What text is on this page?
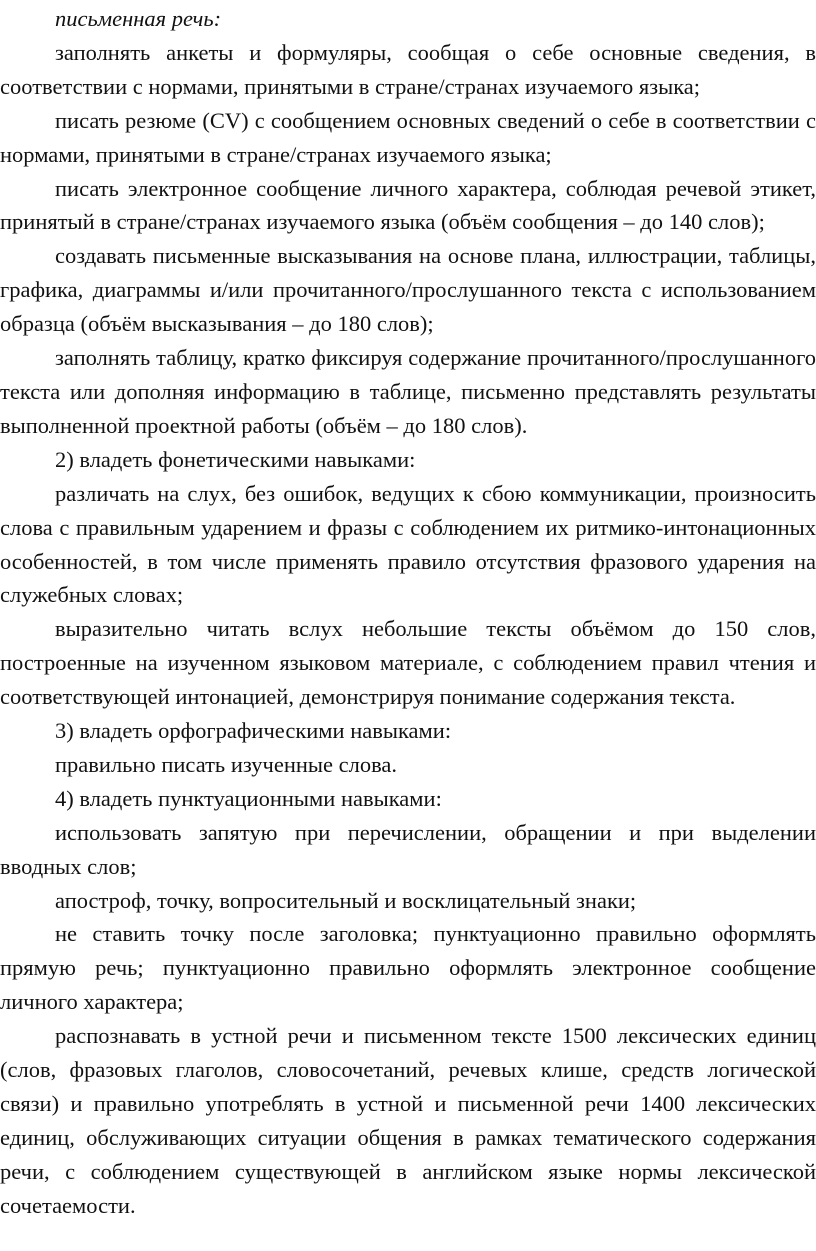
письменная речь:

заполнять анкеты и формуляры, сообщая о себе основные сведения, в соответствии с нормами, принятыми в стране/странах изучаемого языка;

писать резюме (CV) с сообщением основных сведений о себе в соответствии с нормами, принятыми в стране/странах изучаемого языка;

писать электронное сообщение личного характера, соблюдая речевой этикет, принятый в стране/странах изучаемого языка (объём сообщения – до 140 слов);

создавать письменные высказывания на основе плана, иллюстрации, таблицы, графика, диаграммы и/или прочитанного/прослушанного текста с использованием образца (объём высказывания – до 180 слов);

заполнять таблицу, кратко фиксируя содержание прочитанного/прослушанного текста или дополняя информацию в таблице, письменно представлять результаты выполненной проектной работы (объём – до 180 слов).

2) владеть фонетическими навыками:

различать на слух, без ошибок, ведущих к сбою коммуникации, произносить слова с правильным ударением и фразы с соблюдением их ритмико-интонационных особенностей, в том числе применять правило отсутствия фразового ударения на служебных словах;

выразительно читать вслух небольшие тексты объёмом до 150 слов, построенные на изученном языковом материале, с соблюдением правил чтения и соответствующей интонацией, демонстрируя понимание содержания текста.

3) владеть орфографическими навыками:

правильно писать изученные слова.

4) владеть пунктуационными навыками:

использовать запятую при перечислении, обращении и при выделении вводных слов;

апостроф, точку, вопросительный и восклицательный знаки;

не ставить точку после заголовка; пунктуационно правильно оформлять прямую речь; пунктуационно правильно оформлять электронное сообщение личного характера;

распознавать в устной речи и письменном тексте 1500 лексических единиц (слов, фразовых глаголов, словосочетаний, речевых клише, средств логической связи) и правильно употреблять в устной и письменной речи 1400 лексических единиц, обслуживающих ситуации общения в рамках тематического содержания речи, с соблюдением существующей в английском языке нормы лексической сочетаемости.
